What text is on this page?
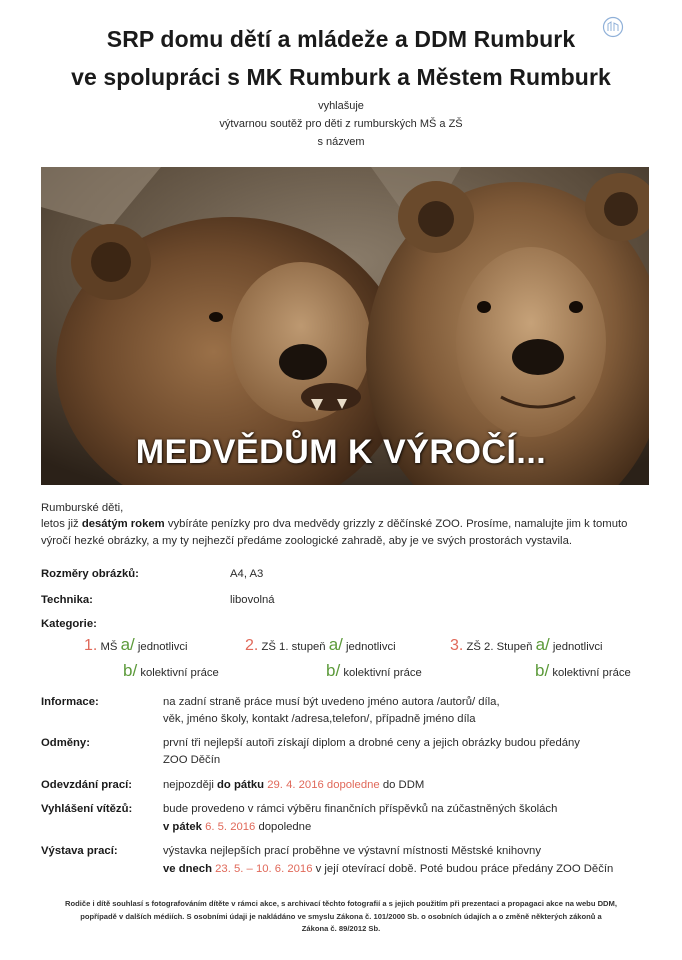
SRP domu dětí a mládeže a DDM Rumburk
ve spolupráci s MK Rumburk a Městem Rumburk
vyhlašuje
výtvarnou soutěž pro děti z rumburských MŠ a ZŠ
s názvem
MEDVĚDŮM K VÝROČÍ...
Rumburské děti,
letos již desátým rokem vybíráte penízky pro dva medvědy grizzly z děčínské ZOO. Prosíme, namalujte jim k tomuto
výročí hezké obrázky, a my ty nejhezčí předáme zoologické zahradě, aby je ve svých prostorách vystavila.
Rozměry obrázků:	A4, A3
Technika:	libovolná
Kategorie:
1. MŠ a/ jednotlivci
b/ kolektivní práce
2. ZŠ 1. stupeň a/ jednotlivci
b/ kolektivní práce
3. ZŠ 2. Stupeň a/ jednotlivci
b/ kolektivní práce
Informace:	na zadní straně práce musí být uvedeno jméno autora /autorů/ díla,
věk, jméno školy, kontakt /adresa,telefon/, případně jméno díla
Odměny:	první tři nejlepší autoři získají diplom a drobné ceny a jejich obrázky budou předány
ZOO Děčín
Odevzdání prací:	nejpozději do pátku 29. 4. 2016 dopoledne do DDM
Vyhlášení vítězů:	bude provedeno v rámci výběru finančních příspěvků na zúčastněných školách
v pátek 6. 5. 2016 dopoledne
Výstava prací:	výstavka nejlepších prací proběhne ve výstavní místnosti Městské knihovny
ve dnech 23. 5. – 10. 6. 2016 v její otevírací době. Poté budou práce předány ZOO Děčín
Rodiče i dítě souhlasí s fotografováním dítěte v rámci akce, s archivací těchto fotografií a s jejich použitím při prezentaci a propagaci akce na webu DDM,
popřípadě v dalších médiích. S osobními údaji je nakládáno ve smyslu Zákona č. 101/2000 Sb. o osobních údajích a o změně některých zákonů a
Zákona č. 89/2012 Sb.
